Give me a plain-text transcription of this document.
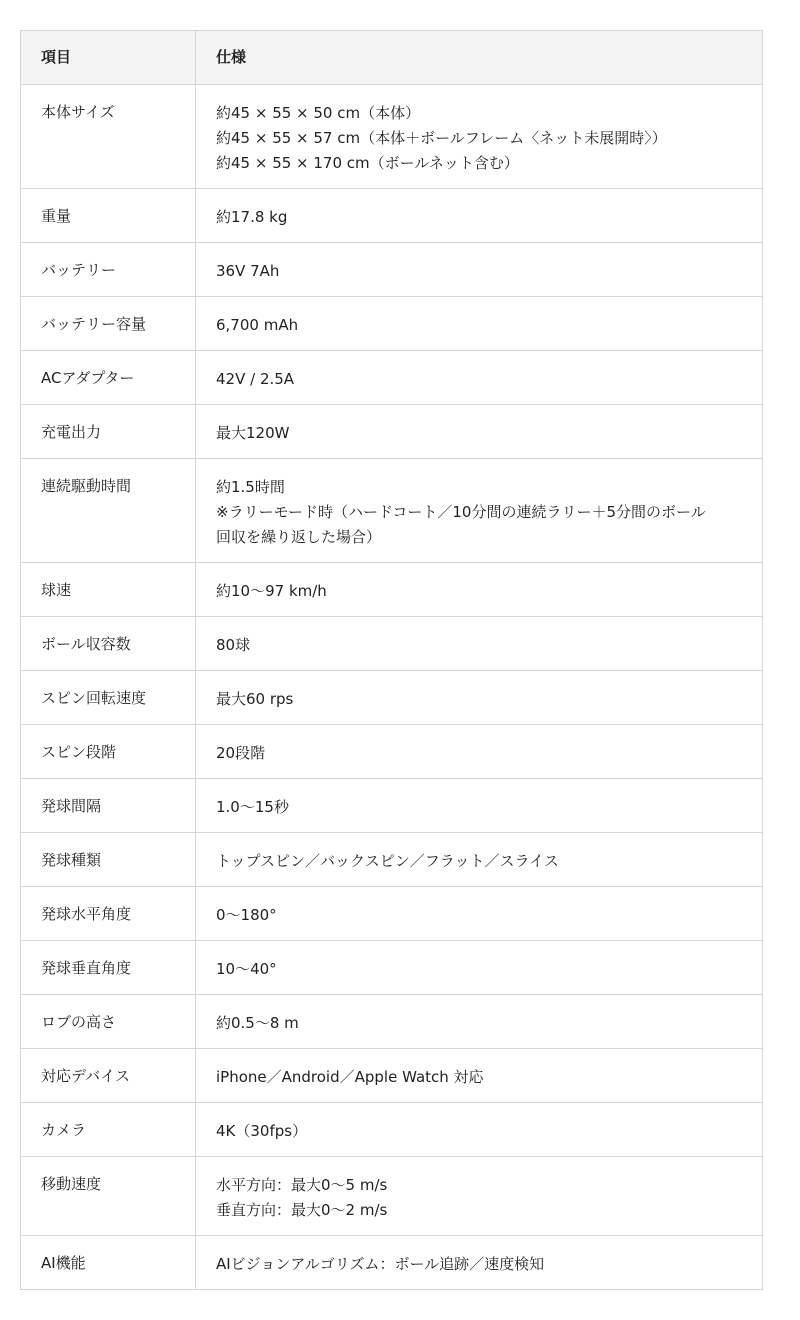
項目	仕様
本体サイズ	約45 × 55 × 50 cm（本体）
約45 × 55 × 57 cm（本体＋ボールフレーム〈ネット未展開時〉）
約45 × 55 × 170 cm（ボールネット含む）

重量	約17.8 kg

バッテリー	36V 7Ah

バッテリー容量	6,700 mAh

ACアダプター	42V / 2.5A

充電出力	最大120W

連続駆動時間	約1.5時間
※ラリーモード時（ハードコート／10分間の連続ラリー＋5分間のボール
回収を繰り返した場合）

球速	約10〜97 km/h

ボール収容数	80球

スピン回転速度	最大60 rps

スピン段階	20段階

発球間隔	1.0〜15秒

発球種類	トップスピン／バックスピン／フラット／スライス

発球水平角度	0〜180°

発球垂直角度	10〜40°

ロブの高さ	約0.5〜8 m

対応デバイス	iPhone／Android／Apple Watch 対応

カメラ	4K（30fps）

移動速度	水平方向：最大0〜5 m/s
垂直方向：最大0〜2 m/s

AI機能	AIビジョンアルゴリズム：ボール追跡／速度検知
